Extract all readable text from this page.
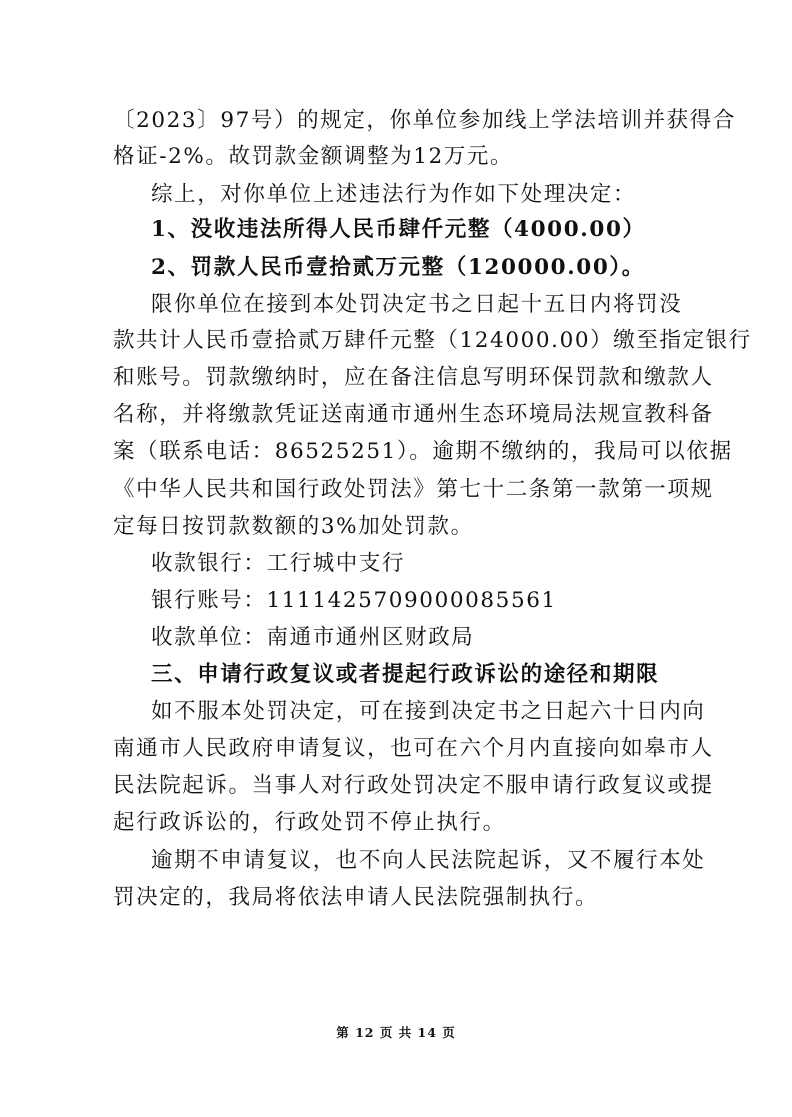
〔2023〕97号）的规定，你单位参加线上学法培训并获得合
格证-2%。故罚款金额调整为12万元。
综上，对你单位上述违法行为作如下处理决定：
1、没收违法所得人民币肆仟元整（4000.00）
2、罚款人民币壹拾贰万元整（120000.00）。
限你单位在接到本处罚决定书之日起十五日内将罚没
款共计人民币壹拾贰万肆仟元整（124000.00）缴至指定银行
和账号。罚款缴纳时，应在备注信息写明环保罚款和缴款人
名称，并将缴款凭证送南通市通州生态环境局法规宣教科备
案（联系电话：86525251）。逾期不缴纳的，我局可以依据
《中华人民共和国行政处罚法》第七十二条第一款第一项规
定每日按罚款数额的3%加处罚款。
收款银行：工行城中支行
银行账号：1111425709000085561
收款单位：南通市通州区财政局
三、申请行政复议或者提起行政诉讼的途径和期限
如不服本处罚决定，可在接到决定书之日起六十日内向
南通市人民政府申请复议，也可在六个月内直接向如皋市人
民法院起诉。当事人对行政处罚决定不服申请行政复议或提
起行政诉讼的，行政处罚不停止执行。
逾期不申请复议，也不向人民法院起诉，又不履行本处
罚决定的，我局将依法申请人民法院强制执行。
第 12 页 共 14 页
